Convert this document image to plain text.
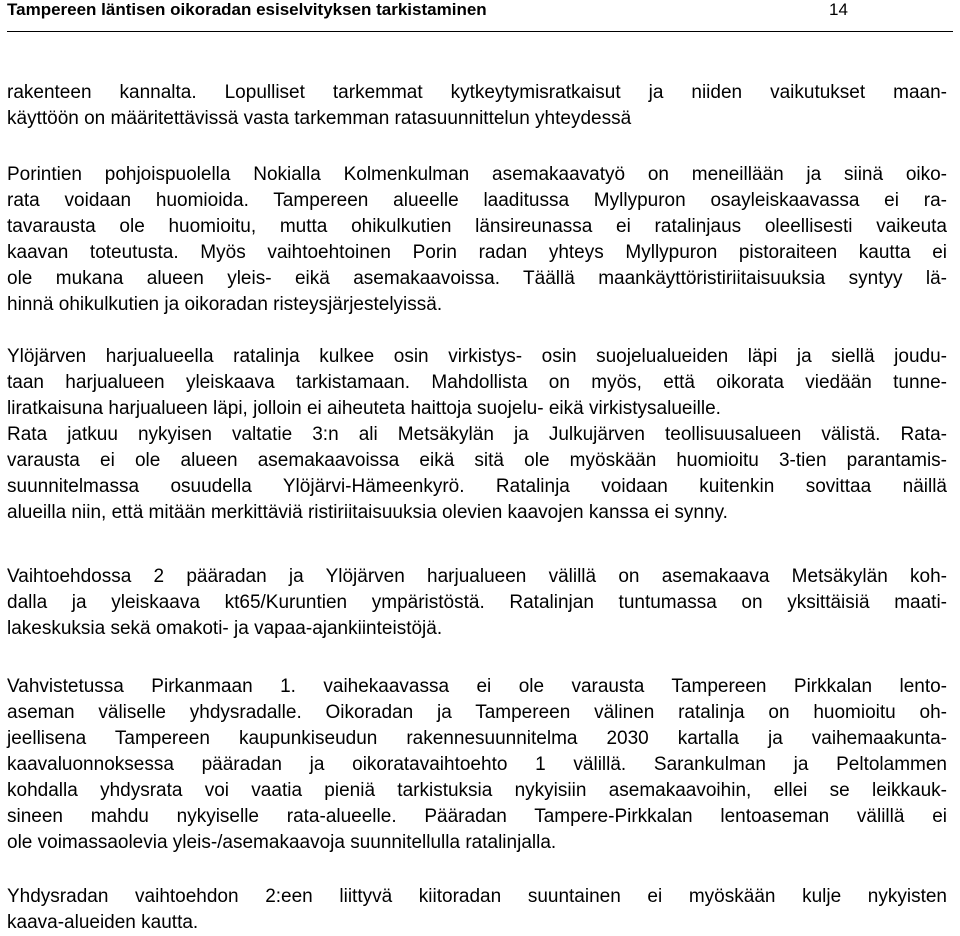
Tampereen läntisen oikoradan esiselvityksen tarkistaminen	14
rakenteen kannalta. Lopulliset tarkemmat kytkeytymisratkaisut ja niiden vaikutukset maan-
käyttöön on määritettävissä vasta tarkemman ratasuunnittelun yhteydessä
Porintien pohjoispuolella Nokialla Kolmenkulman asemakaavatyö on meneillään ja siinä oiko-
rata voidaan huomioida. Tampereen alueelle laaditussa Myllypuron osayleiskaavassa ei ra-
tavarausta ole huomioitu, mutta ohikulkutien länsireunassa ei ratalinjaus oleellisesti vaikeuta
kaavan toteutusta. Myös vaihtoehtoinen Porin radan yhteys Myllypuron pistoraiteen kautta ei
ole mukana alueen yleis- eikä asemakaavoissa. Täällä maankäyttöristiriitaisuuksia syntyy lä-
hinnä ohikulkutien ja oikoradan risteysjärjestelyissä.
Ylöjärven harjualueella ratalinja kulkee osin virkistys- osin suojelualueiden läpi ja siellä joudu-
taan harjualueen yleiskaava tarkistamaan. Mahdollista on myös, että oikorata viedään tunne-
liratkaisuna harjualueen läpi, jolloin ei aiheuteta haittoja suojelu- eikä virkistysalueille.
Rata jatkuu nykyisen valtatie 3:n ali Metsäkylän ja Julkujärven teollisuusalueen välistä. Rata-
varausta ei ole alueen asemakaavoissa eikä sitä ole myöskään huomioitu 3-tien parantamis-
suunnitelmassa osuudella Ylöjärvi-Hämeenkyrö. Ratalinja voidaan kuitenkin sovittaa näillä
alueilla niin, että mitään merkittäviä ristiriitaisuuksia olevien kaavojen kanssa ei synny.
Vaihtoehdossa 2 pääradan ja Ylöjärven harjualueen välillä on asemakaava Metsäkylän koh-
dalla ja yleiskaava kt65/Kuruntien ympäristöstä. Ratalinjan tuntumassa on yksittäisiä maati-
lakeskuksia sekä omakoti- ja vapaa-ajankiinteistöjä.
Vahvistetussa Pirkanmaan 1. vaihekaavassa ei ole varausta Tampereen Pirkkalan lento-
aseman väliselle yhdysradalle. Oikoradan ja Tampereen välinen ratalinja on huomioitu oh-
jeellisena Tampereen kaupunkiseudun rakennesuunnitelma 2030 kartalla ja vaihemaakunta-
kaavaluonnoksessa pääradan ja oikoratavaihtoehto 1 välillä. Sarankulman ja Peltolammen
kohdalla yhdysrata voi vaatia pieniä tarkistuksia nykyisiin asemakaavoihin, ellei se leikkauk-
sineen mahdu nykyiselle rata-alueelle. Pääradan Tampere-Pirkkalan lentoaseman välillä ei
ole voimassaolevia yleis-/asemakaavoja suunnitellulla ratalinjalla.
Yhdysradan vaihtoehdon 2:een liittyvä kiitoradan suuntainen ei myöskään kulje nykyisten
kaava-alueiden kautta.
